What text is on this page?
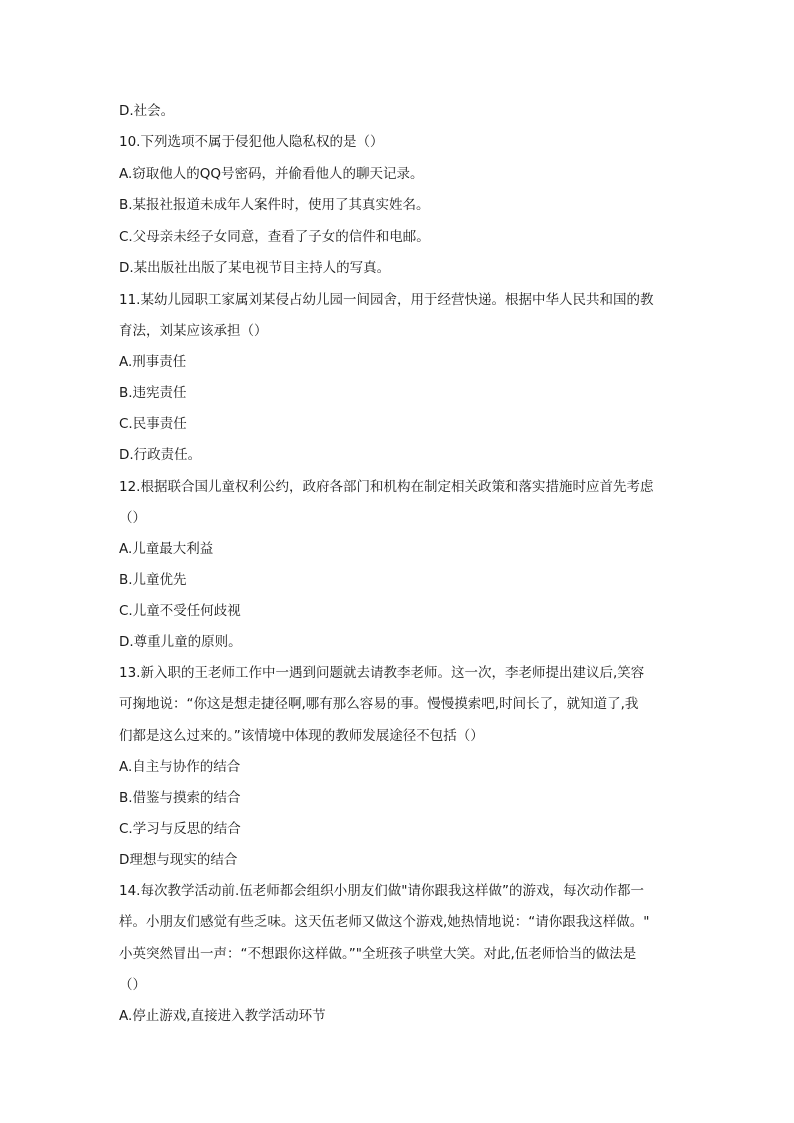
D.社会。
10.下列选项不属于侵犯他人隐私权的是（）
A.窃取他人的QQ号密码，并偷看他人的聊天记录。
B.某报社报道未成年人案件时，使用了其真实姓名。
C.父母亲未经子女同意，查看了子女的信件和电邮。
D.某出版社出版了某电视节目主持人的写真。
11.某幼儿园职工家属刘某侵占幼儿园一间园舍，用于经营快递。根据中华人民共和国的教
育法，刘某应该承担（）
A.刑事责任
B.违宪责任
C.民事责任
D.行政责任。
12.根据联合国儿童权利公约，政府各部门和机构在制定相关政策和落实措施时应首先考虑
（）
A.儿童最大利益
B.儿童优先
C.儿童不受任何歧视
D.尊重儿童的原则。
13.新入职的王老师工作中一遇到问题就去请教李老师。这一次，李老师提出建议后,笑容
可掬地说：“你这是想走捷径啊,哪有那么容易的事。慢慢摸索吧,时间长了，就知道了,我
们都是这么过来的。”该情境中体现的教师发展途径不包括（）
A.自主与协作的结合
B.借鉴与摸索的结合
C.学习与反思的结合
D理想与现实的结合
14.每次教学活动前.伍老师都会组织小朋友们做"请你跟我这样做”的游戏，每次动作都一
样。小朋友们感觉有些乏味。这天伍老师又做这个游戏,她热情地说：“请你跟我这样做。"
小英突然冒出一声：“不想跟你这样做。”"全班孩子哄堂大笑。对此,伍老师恰当的做法是
（）
A.停止游戏,直接进入教学活动环节
